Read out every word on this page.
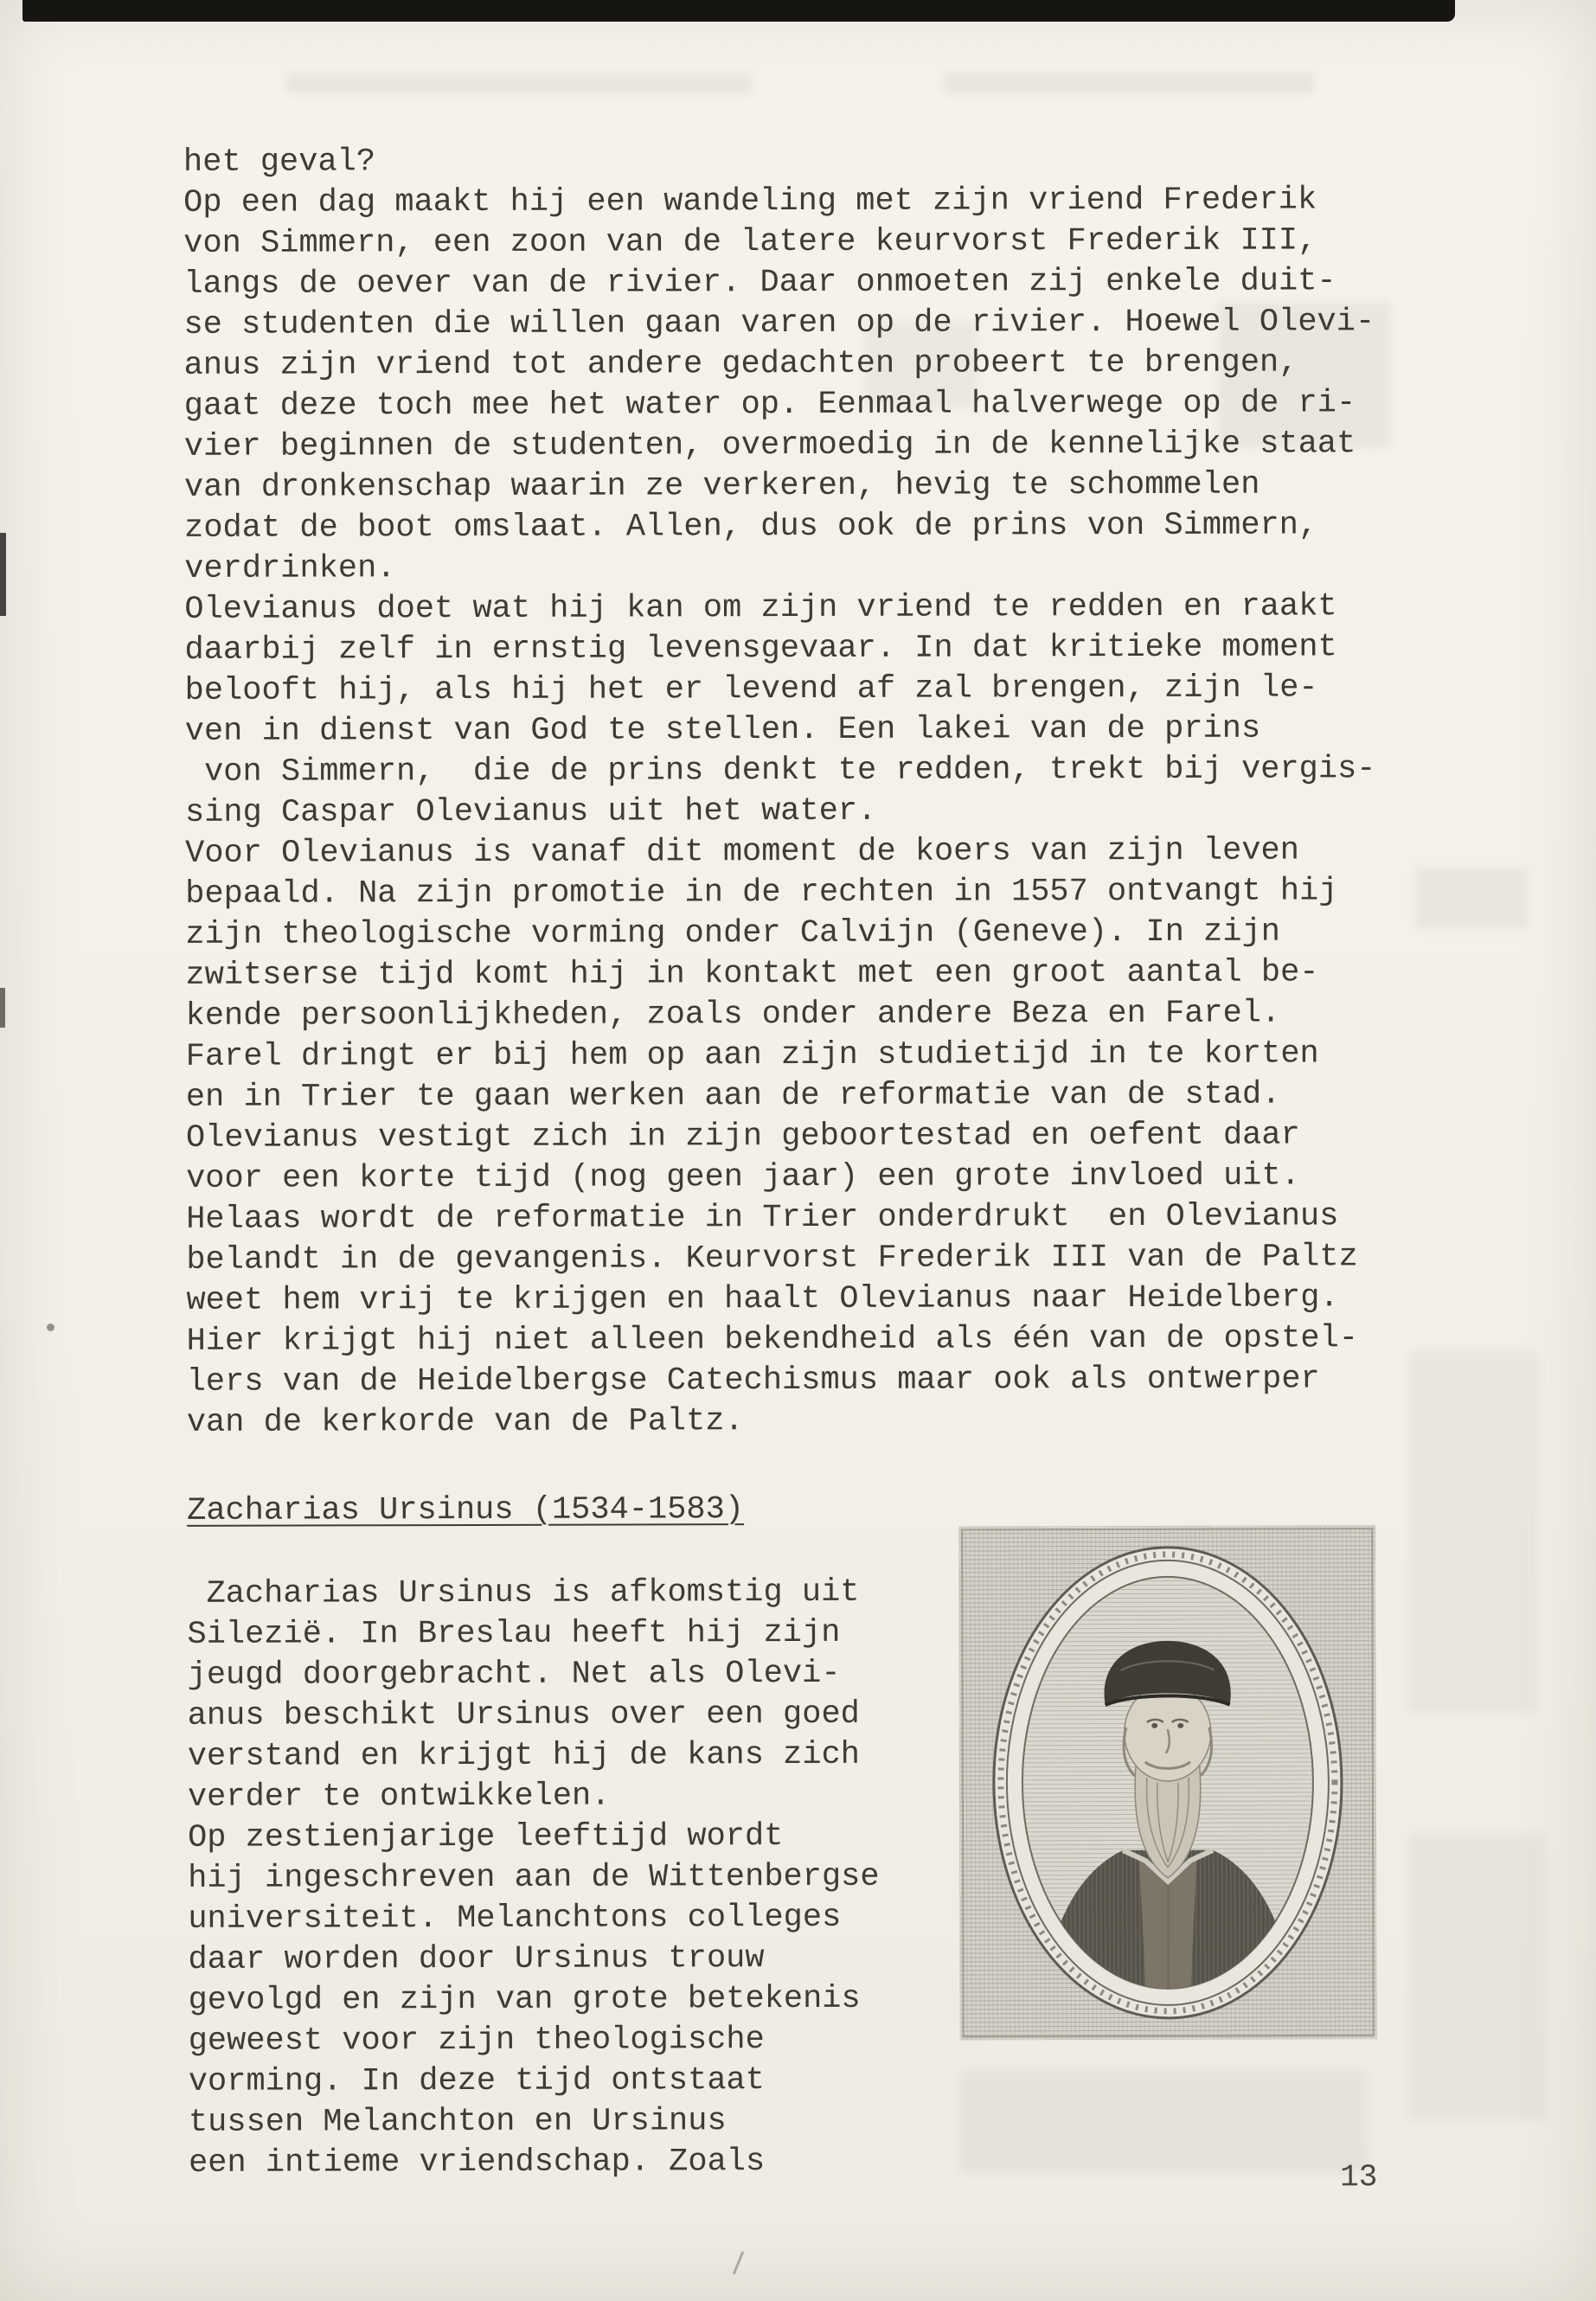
het geval?
Op een dag maakt hij een wandeling met zijn vriend Frederik
von Simmern, een zoon van de latere keurvorst Frederik III,
langs de oever van de rivier. Daar onmoeten zij enkele duit-
se studenten die willen gaan varen op de rivier. Hoewel Olevi-
anus zijn vriend tot andere gedachten probeert te brengen,
gaat deze toch mee het water op. Eenmaal halverwege op de ri-
vier beginnen de studenten, overmoedig in de kennelijke staat
van dronkenschap waarin ze verkeren, hevig te schommelen
zodat de boot omslaat. Allen, dus ook de prins von Simmern,
verdrinken.
Olevianus doet wat hij kan om zijn vriend te redden en raakt
daarbij zelf in ernstig levensgevaar. In dat kritieke moment
belooft hij, als hij het er levend af zal brengen, zijn le-
ven in dienst van God te stellen. Een lakei van de prins
von Simmern,  die de prins denkt te redden, trekt bij vergis-
sing Caspar Olevianus uit het water.
Voor Olevianus is vanaf dit moment de koers van zijn leven
bepaald. Na zijn promotie in de rechten in 1557 ontvangt hij
zijn theologische vorming onder Calvijn (Geneve). In zijn
zwitserse tijd komt hij in kontakt met een groot aantal be-
kende persoonlijkheden, zoals onder andere Beza en Farel.
Farel dringt er bij hem op aan zijn studietijd in te korten
en in Trier te gaan werken aan de reformatie van de stad.
Olevianus vestigt zich in zijn geboortestad en oefent daar
voor een korte tijd (nog geen jaar) een grote invloed uit.
Helaas wordt de reformatie in Trier onderdrukt  en Olevianus
belandt in de gevangenis. Keurvorst Frederik III van de Paltz
weet hem vrij te krijgen en haalt Olevianus naar Heidelberg.
Hier krijgt hij niet alleen bekendheid als één van de opstel-
lers van de Heidelbergse Catechismus maar ook als ontwerper
van de kerkorde van de Paltz.
Zacharias Ursinus (1534-1583)
Zacharias Ursinus is afkomstig uit
Silezië. In Breslau heeft hij zijn
jeugd doorgebracht. Net als Olevi-
anus beschikt Ursinus over een goed
verstand en krijgt hij de kans zich
verder te ontwikkelen.
Op zestienjarige leeftijd wordt
hij ingeschreven aan de Wittenbergse
universiteit. Melanchtons colleges
daar worden door Ursinus trouw
gevolgd en zijn van grote betekenis
geweest voor zijn theologische
vorming. In deze tijd ontstaat
tussen Melanchton en Ursinus
een intieme vriendschap. Zoals	13
